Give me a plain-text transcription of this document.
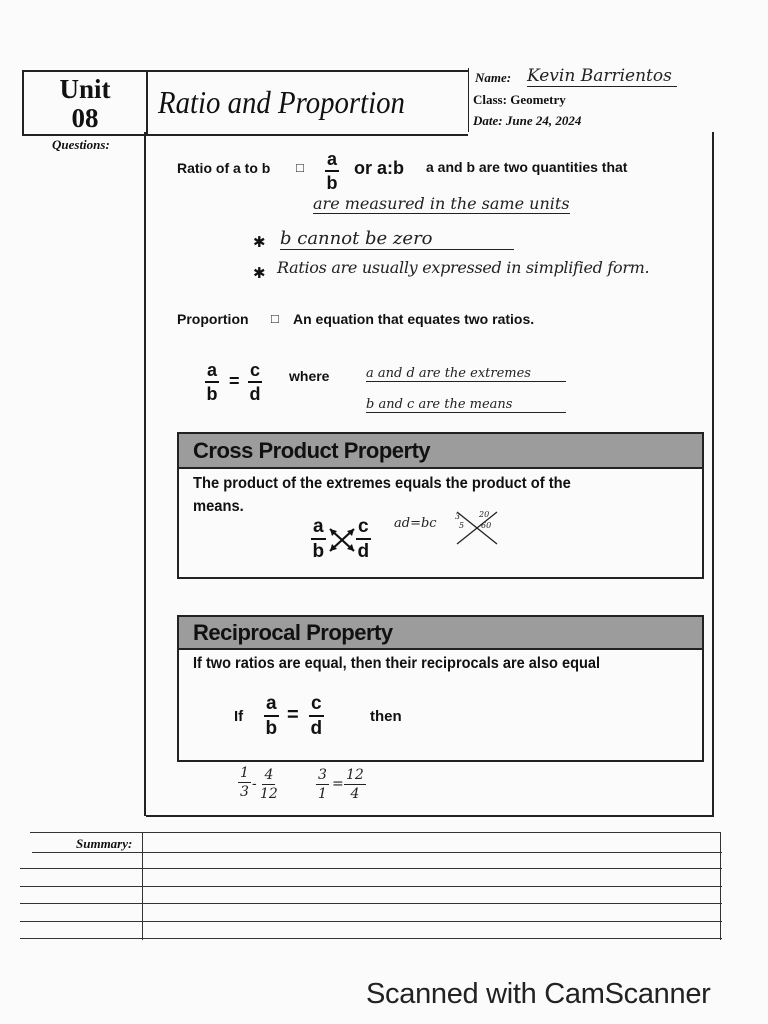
Unit
08	Ratio and Proportion
Name: Kevin Barrientos
Class: Geometry
Date: June 24, 2024
Questions:
Ratio of a to b □ $\frac{a}{b}$ or a:b a and b are two quantities that
are measured in the same units
✱ b cannot be zero
✱ Ratios are usually expressed in simplified form.
Proportion □ An equation that equates two ratios.
$\frac{a}{b} = \frac{c}{d}$ where	a and d are the extremes
b and c are the means
Cross Product Property
The product of the extremes equals the product of the means.
$\frac{a}{b} \frac{c}{d} ad=bc$ 3 20
5 60
Reciprocal Property
If two ratios are equal, then their reciprocals are also equal
If $\frac{a}{b} = \frac{c}{d}$	then
$\frac{1}{3} - \frac{4}{12}$	$\frac{3}{1} = \frac{12}{4}$
Summary:
Scanned with CamScanner
